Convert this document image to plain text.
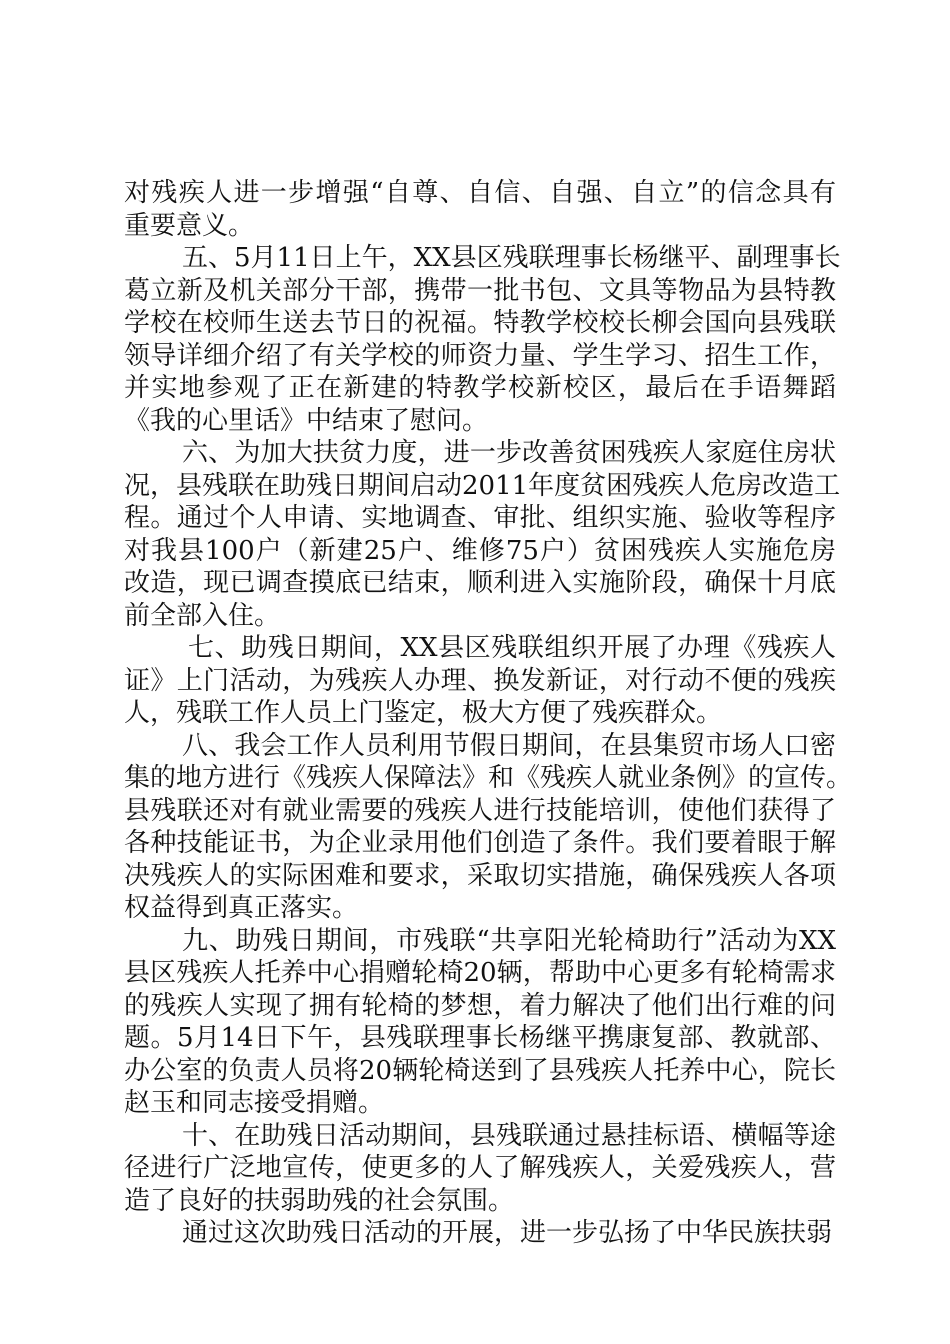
对残疾人进一步增强“自尊、自信、自强、自立”的信念具有
重要意义。
五、5月11日上午，XX县区残联理事长杨继平、副理事长
葛立新及机关部分干部，携带一批书包、文具等物品为县特教
学校在校师生送去节日的祝福。特教学校校长柳会国向县残联
领导详细介绍了有关学校的师资力量、学生学习、招生工作，
并实地参观了正在新建的特教学校新校区，最后在手语舞蹈
《我的心里话》中结束了慰问。
六、为加大扶贫力度，进一步改善贫困残疾人家庭住房状
况，县残联在助残日期间启动2011年度贫困残疾人危房改造工
程。通过个人申请、实地调查、审批、组织实施、验收等程序
对我县100户（新建25户、维修75户）贫困残疾人实施危房
改造，现已调查摸底已结束，顺利进入实施阶段，确保十月底
前全部入住。
七、助残日期间，XX县区残联组织开展了办理《残疾人
证》上门活动，为残疾人办理、换发新证，对行动不便的残疾
人，残联工作人员上门鉴定，极大方便了残疾群众。
八、我会工作人员利用节假日期间，在县集贸市场人口密
集的地方进行《残疾人保障法》和《残疾人就业条例》的宣传。
县残联还对有就业需要的残疾人进行技能培训，使他们获得了
各种技能证书，为企业录用他们创造了条件。我们要着眼于解
决残疾人的实际困难和要求，采取切实措施，确保残疾人各项
权益得到真正落实。
九、助残日期间，市残联“共享阳光轮椅助行”活动为XX
县区残疾人托养中心捐赠轮椅20辆，帮助中心更多有轮椅需求
的残疾人实现了拥有轮椅的梦想，着力解决了他们出行难的问
题。5月14日下午，县残联理事长杨继平携康复部、教就部、
办公室的负责人员将20辆轮椅送到了县残疾人托养中心，院长
赵玉和同志接受捐赠。
十、在助残日活动期间，县残联通过悬挂标语、横幅等途
径进行广泛地宣传，使更多的人了解残疾人，关爱残疾人，营
造了良好的扶弱助残的社会氛围。
通过这次助残日活动的开展，进一步弘扬了中华民族扶弱
